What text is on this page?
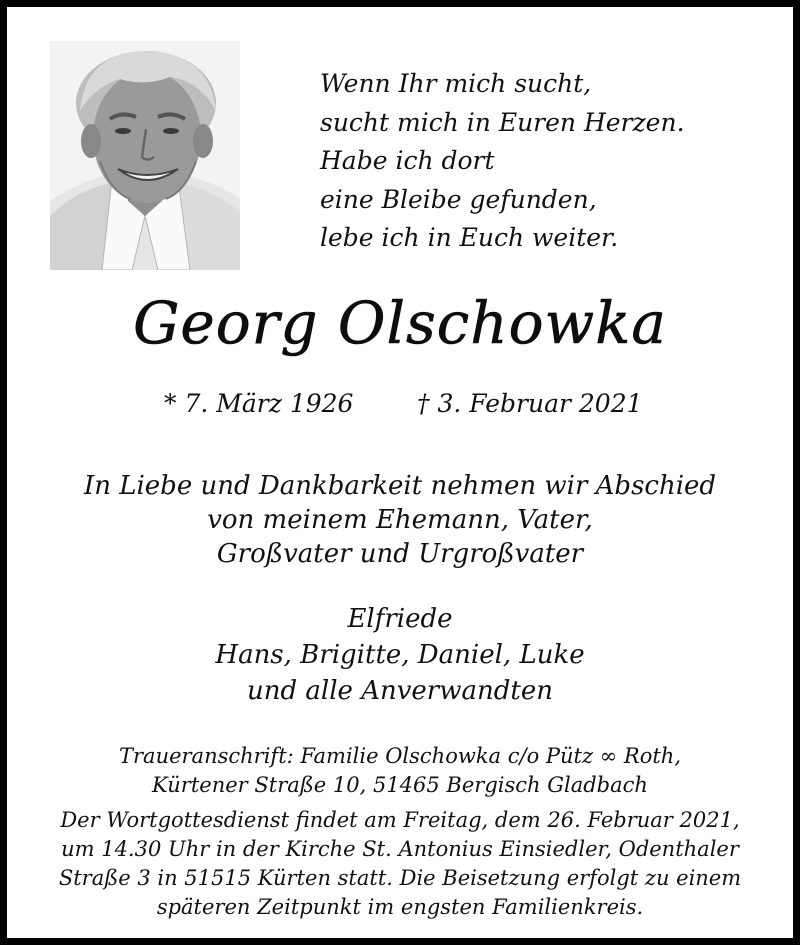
Wenn Ihr mich sucht,
sucht mich in Euren Herzen.
Habe ich dort
eine Bleibe gefunden,
lebe ich in Euch weiter.
Georg Olschowka
* 7. März 1926	† 3. Februar 2021
In Liebe und Dankbarkeit nehmen wir Abschied
von meinem Ehemann, Vater,
Großvater und Urgroßvater
Elfriede
Hans, Brigitte, Daniel, Luke
und alle Anverwandten
Traueranschrift: Familie Olschowka c/o Pütz ∞ Roth,
Kürtener Straße 10, 51465 Bergisch Gladbach
Der Wortgottesdienst findet am Freitag, dem 26. Februar 2021,
um 14.30 Uhr in der Kirche St. Antonius Einsiedler, Odenthaler
Straße 3 in 51515 Kürten statt. Die Beisetzung erfolgt zu einem
späteren Zeitpunkt im engsten Familienkreis.
